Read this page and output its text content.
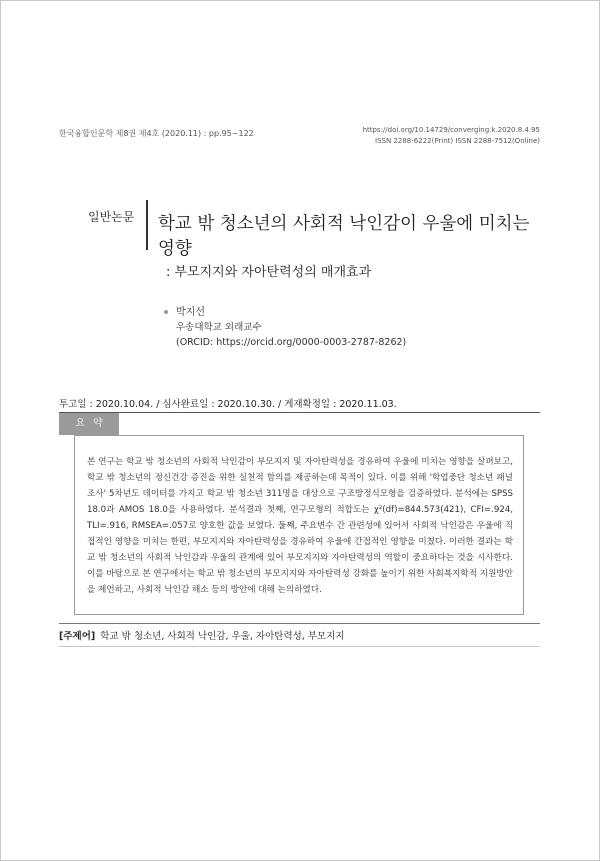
한국융합인문학 제8권 제4호 (2020.11) : pp.95~122	https://doi.org/10.14729/converging.k.2020.8.4.95
ISSN 2288-6222(Print) ISSN 2288-7512(Online)
일반논문 학교 밖 청소년의 사회적 낙인감이 우울에 미치는 영향
: 부모지지와 자아탄력성의 매개효과
박지선
우송대학교 외래교수
(ORCID: https://orcid.org/0000-0003-2787-8262)
투고일 : 2020.10.04. / 심사완료일 : 2020.10.30. / 게재확정일 : 2020.11.03.
요약

본 연구는 학교 밖 청소년의 사회적 낙인감이 부모지지 및 자아탄력성을 경유하여 우울에 미치는 영향을 살펴보고, 학교 밖 청소년의 정신건강 증진을 위한 실천적 함의를 제공하는데 목적이 있다. 이를 위해 '학업중단 청소년 패널조사' 5차년도 데이터를 가지고 학교 밖 청소년 311명을 대상으로 구조방정식모형을 검증하였다. 분석에는 SPSS 18.0과 AMOS 18.0을 사용하였다. 분석결과 첫째, 연구모형의 적합도는 χ²(df)=844.573(421), CFI=.924, TLI=.916, RMSEA=.057로 양호한 값을 보였다. 둘째, 주요변수 간 관련성에 있어서 사회적 낙인감은 우울에 직접적인 영향을 미치는 한편, 부모지지와 자아탄력성을 경유하여 우울에 간접적인 영향을 미쳤다. 이러한 결과는 학교 밖 청소년의 사회적 낙인감과 우울의 관계에 있어 부모지지와 자아탄력성의 역할이 중요하다는 것을 시사한다. 이를 바탕으로 본 연구에서는 학교 밖 청소년의 부모지지와 자아탄력성 강화를 높이기 위한 사회복지학적 지원방안을 제언하고, 사회적 낙인감 해소 등의 방안에 대해 논의하였다.

[주제어] 학교 밖 청소년, 사회적 낙인감, 우울, 자아탄력성, 부모지지
